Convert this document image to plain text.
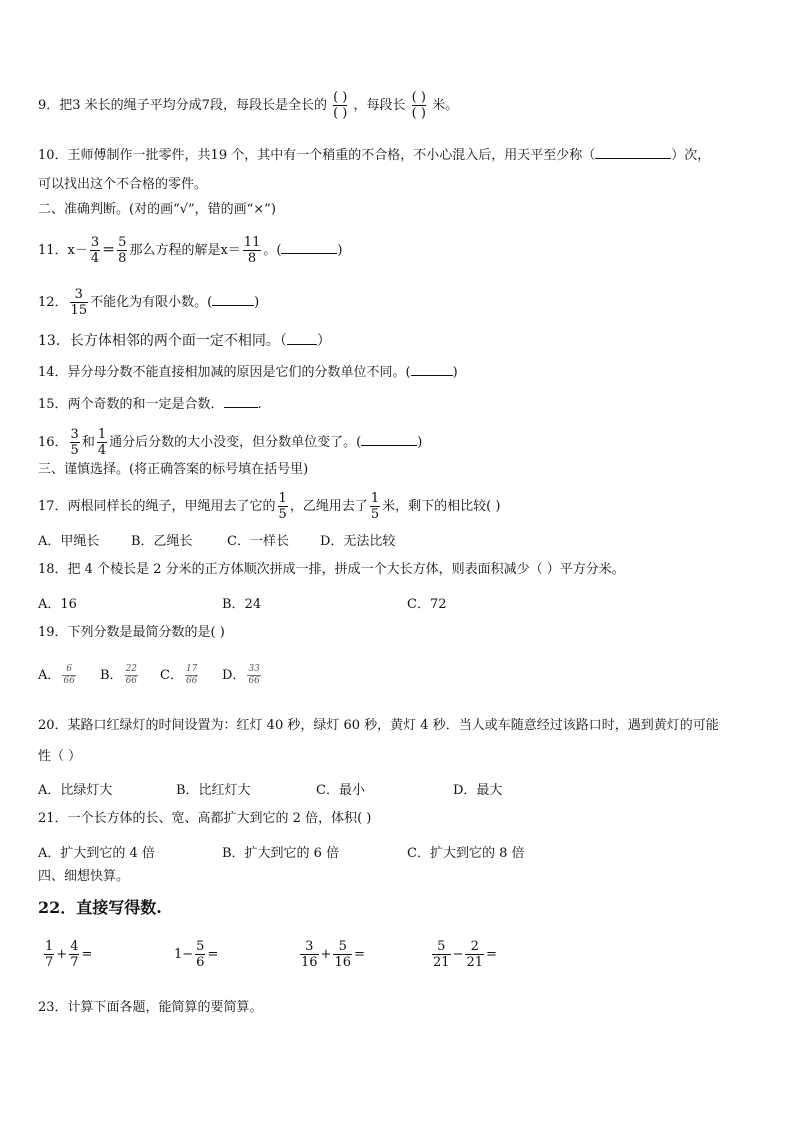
9．把3 米长的绳子平均分成7段，每段长是全长的 $\frac{( )}{( )}$ ，每段长 $\frac{( )}{( )}$ 米。
10．王师傅制作一批零件，共19 个，其中有一个稍重的不合格，不小心混入后，用天平至少称（	）次，
可以找出这个不合格的零件。
二、准确判断。(对的画“√”，错的画“×”)
11．$x- \frac{3}{4} = \frac{5}{8}$ 那么方程的解是$x= \frac{11}{8}$ 。(	)
12． $\frac{3}{15}$ 不能化为有限小数。(	)
13．长方体相邻的两个面一定不相同。（ ）
14．异分母分数不能直接相加减的原因是它们的分数单位不同。(	)
15．两个奇数的和一定是合数．	.
16． $\frac{3}{5}$ 和 $\frac{1}{4}$ 通分后分数的大小没变，但分数单位变了。(	)
三、谨慎选择。(将正确答案的标号填在括号里)
17．两根同样长的绳子，甲绳用去了它的 $\frac{1}{5}$ ，乙绳用去了 $\frac{1}{5}$ 米，剩下的相比较( )
A．甲绳长 B．乙绳长	C．一样长 D．无法比较
18．把 4 个棱长是 2 分米的正方体顺次拼成一排，拼成一个大长方体，则表面积减少（ ）平方分米。
A．16	B．24	C．72
19．下列分数是最简分数的是( )
A． $\frac{6}{66}$ B． $\frac{22}{66}$ C． $\frac{17}{66}$ D． $\frac{33}{66}$
20．某路口红绿灯的时间设置为：红灯 40 秒，绿灯 60 秒，黄灯 4 秒．当人或车随意经过该路口时，遇到黄灯的可能
性（ ）
A．比绿灯大	B．比红灯大	C．最小	D．最大
21．一个长方体的长、宽、高都扩大到它的 2 倍，体积( )
A．扩大到它的 4 倍	B．扩大到它的 6 倍	C．扩大到它的 8 倍
四、细想快算。
22．直接写得数.
$\frac{1}{7} + \frac{4}{7}$ =	$1- \frac{5}{6}$ =	$\frac{3}{16} + \frac{5}{16}$ =	$\frac{5}{21} - \frac{2}{21}$ =
23．计算下面各题，能简算的要简算。
